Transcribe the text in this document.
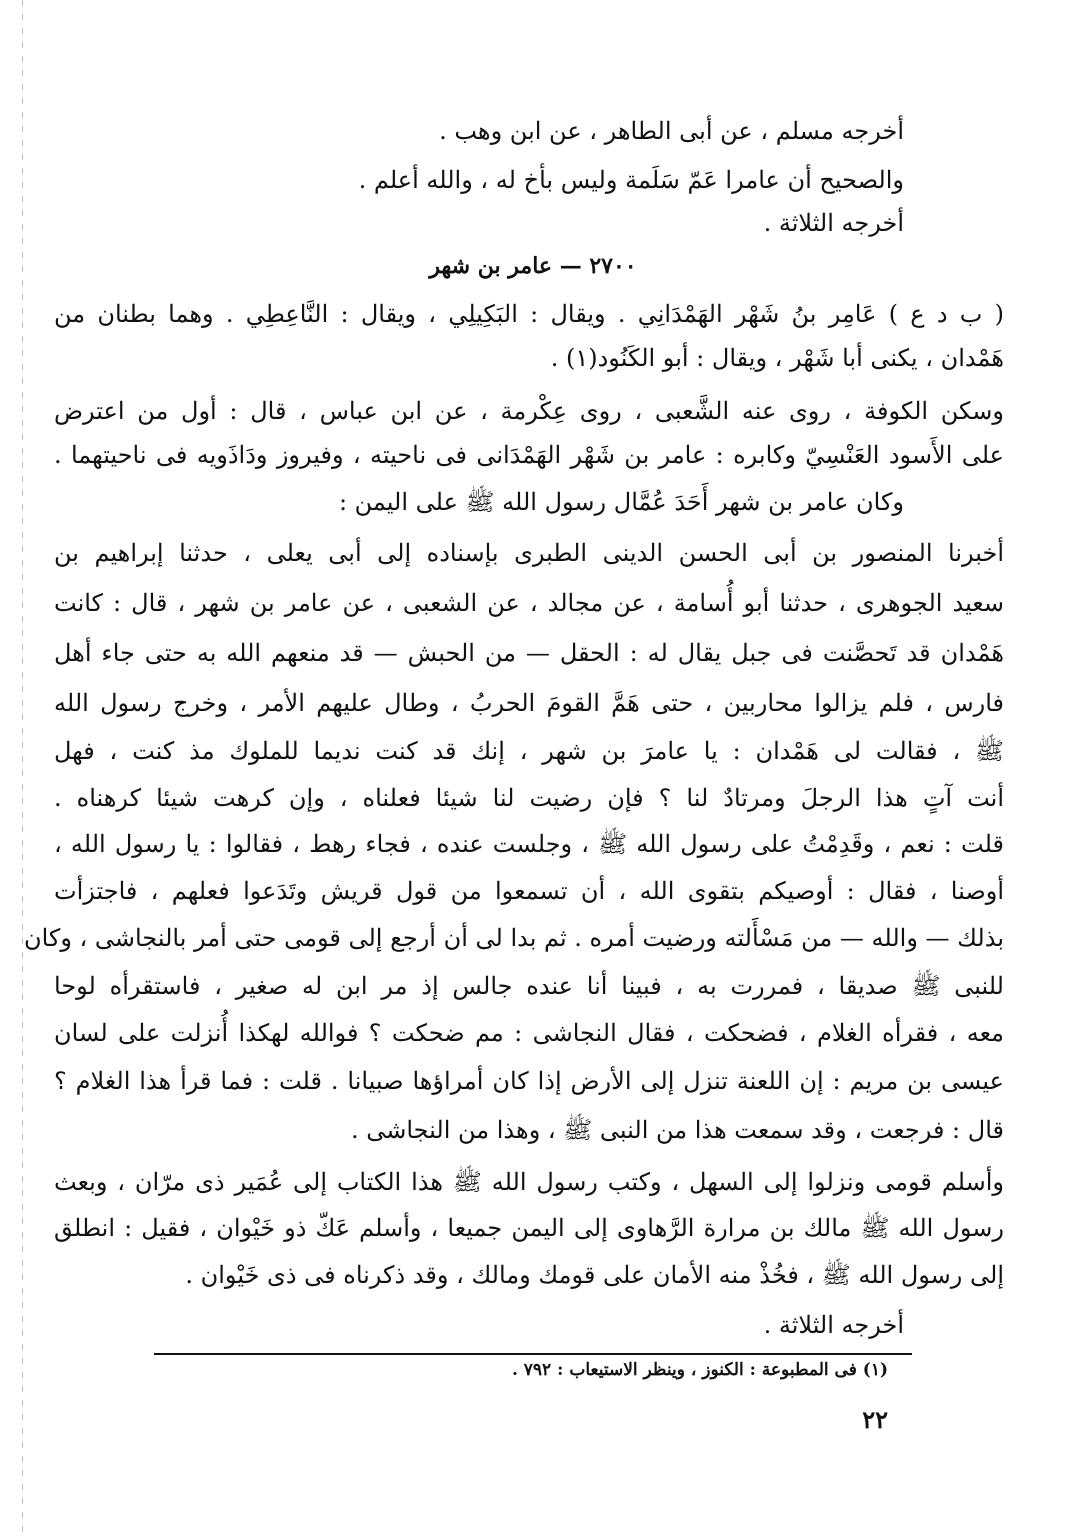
أخرجه مسلم ، عن أبى الطاهر ، عن ابن وهب .
والصحيح أن عامرا عَمّ سَلَمة وليس بأخ له ، والله أعلم .
أخرجه الثلاثة .
٢٧٠٠ — عامر بن شهر
( ب د ع ) عَامِر بنُ شَهْر الهَمْدَانِي . ويقال : البَكِيلِي ، ويقال : النَّاعِطِي . وهما بطنان من
هَمْدان ، يكنى أبا شَهْر ، ويقال : أبو الكَنُود(١) .
وسكن الكوفة ، روى عنه الشَّعبى ، روى عِكْرمة ، عن ابن عباس ، قال : أول من اعترض
على الأَسود العَنْسِيّ وكابره : عامر بن شَهْر الهَمْدَانى فى ناحيته ، وفيروز ودَاذَويه فى ناحيتهما .
وكان عامر بن شهر أَحَدَ عُمَّال رسول الله ﷺ على اليمن :
أخبرنا المنصور بن أبى الحسن الدينى الطبرى بإسناده إلى أبى يعلى ، حدثنا إبراهيم بن
سعيد الجوهرى ، حدثنا أبو أُسامة ، عن مجالد ، عن الشعبى ، عن عامر بن شهر ، قال : كانت
هَمْدان قد تَحصَّنت فى جبل يقال له : الحقل — من الحبش — قد منعهم الله به حتى جاء أهل
فارس ، فلم يزالوا محاربين ، حتى هَمَّ القومَ الحربُ ، وطال عليهم الأمر ، وخرج رسول الله
ﷺ ، فقالت لى هَمْدان : يا عامرَ بن شهر ، إنك قد كنت نديما للملوك مذ كنت ، فهل
أنت آتٍ هذا الرجلَ ومرتادٌ لنا ؟ فإن رضيت لنا شيئا فعلناه ، وإن كرهت شيئا كرهناه .
قلت : نعم ، وقَدِمْتُ على رسول الله ﷺ ، وجلست عنده ، فجاء رهط ، فقالوا : يا رسول الله ،
أوصنا ، فقال : أوصيكم بتقوى الله ، أن تسمعوا من قول قريش وتَدَعوا فعلهم ، فاجتزأت
بذلك — والله — من مَسْأَلته ورضيت أمره . ثم بدا لى أن أرجع إلى قومى حتى أمر بالنجاشى ، وكان
للنبى ﷺ صديقا ، فمررت به ، فبينا أنا عنده جالس إذ مر ابن له صغير ، فاستقرأه لوحا
معه ، فقرأه الغلام ، فضحكت ، فقال النجاشى : مم ضحكت ؟ فوالله لهكذا أُنزلت على لسان
عيسى بن مريم : إن اللعنة تنزل إلى الأرض إذا كان أمراؤها صبيانا . قلت : فما قرأ هذا الغلام ؟
قال : فرجعت ، وقد سمعت هذا من النبى ﷺ ، وهذا من النجاشى .
وأسلم قومى ونزلوا إلى السهل ، وكتب رسول الله ﷺ هذا الكتاب إلى عُمَير ذى مرّان ، وبعث
رسول الله ﷺ مالك بن مرارة الرَّهاوى إلى اليمن جميعا ، وأسلم عَكّ ذو خَيْوان ، فقيل : انطلق
إلى رسول الله ﷺ ، فخُذْ منه الأمان على قومك ومالك ، وقد ذكرناه فى ذى خَيْوان .
أخرجه الثلاثة .
(١) فى المطبوعة : الكنوز ، وينظر الاستيعاب : ٧٩٢ .
٢٢
